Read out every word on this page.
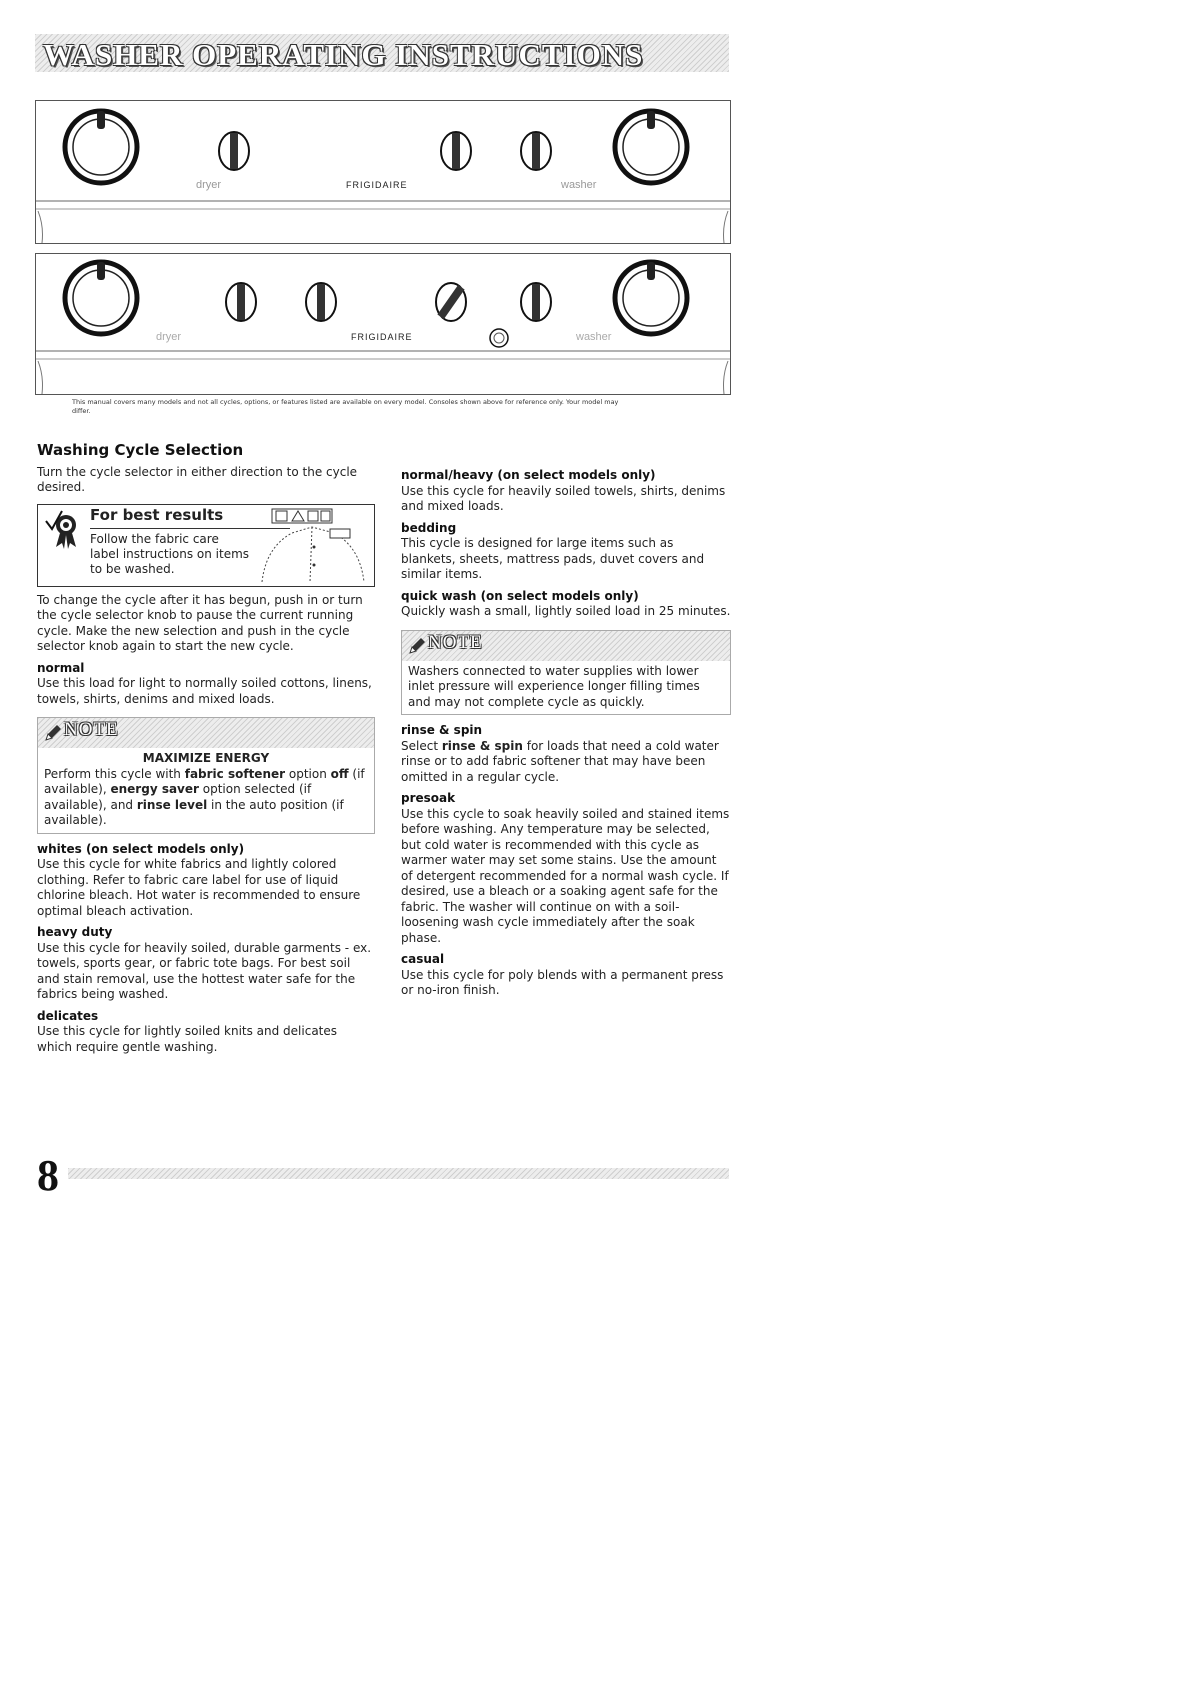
WASHER OPERATING INSTRUCTIONS
FRIGIDAIRE
dryer	washer
FRIGIDAIRE
dryer	washer
This manual covers many models and not all cycles, options, or features listed are available on every model. Consoles shown above for reference only. Your model may differ.
Washing Cycle Selection

Turn the cycle selector in either direction to the cycle desired.

For best results
Follow the fabric care label instructions on items to be washed.

To change the cycle after it has begun, push in or turn the cycle selector knob to pause the current running cycle. Make the new selection and push in the cycle selector knob again to start the new cycle.

normal

Use this load for light to normally soiled cottons, linens, towels, shirts, denims and mixed loads.

NOTE

MAXIMIZE ENERGY

Perform this cycle with fabric softener option off (if available), energy saver option selected (if available), and rinse level in the auto position (if available).

whites (on select models only)

Use this cycle for white fabrics and lightly colored clothing. Refer to fabric care label for use of liquid chlorine bleach. Hot water is recommended to ensure optimal bleach activation.

heavy duty

Use this cycle for heavily soiled, durable garments - ex. towels, sports gear, or fabric tote bags. For best soil and stain removal, use the hottest water safe for the fabrics being washed.

delicates

Use this cycle for lightly soiled knits and delicates which require gentle washing.

normal/heavy (on select models only)

Use this cycle for heavily soiled towels, shirts, denims and mixed loads.

bedding

This cycle is designed for large items such as blankets, sheets, mattress pads, duvet covers and similar items.

quick wash (on select models only)

Quickly wash a small, lightly soiled load in 25 minutes.

NOTE

Washers connected to water supplies with lower inlet pressure will experience longer filling times and may not complete cycle as quickly.

rinse & spin

Select rinse & spin for loads that need a cold water rinse or to add fabric softener that may have been omitted in a regular cycle.

presoak

Use this cycle to soak heavily soiled and stained items before washing. Any temperature may be selected, but cold water is recommended with this cycle as warmer water may set some stains. Use the amount of detergent recommended for a normal wash cycle. If desired, use a bleach or a soaking agent safe for the fabric. The washer will continue on with a soil-loosening wash cycle immediately after the soak phase.

casual

Use this cycle for poly blends with a permanent press or no-iron finish.

8
